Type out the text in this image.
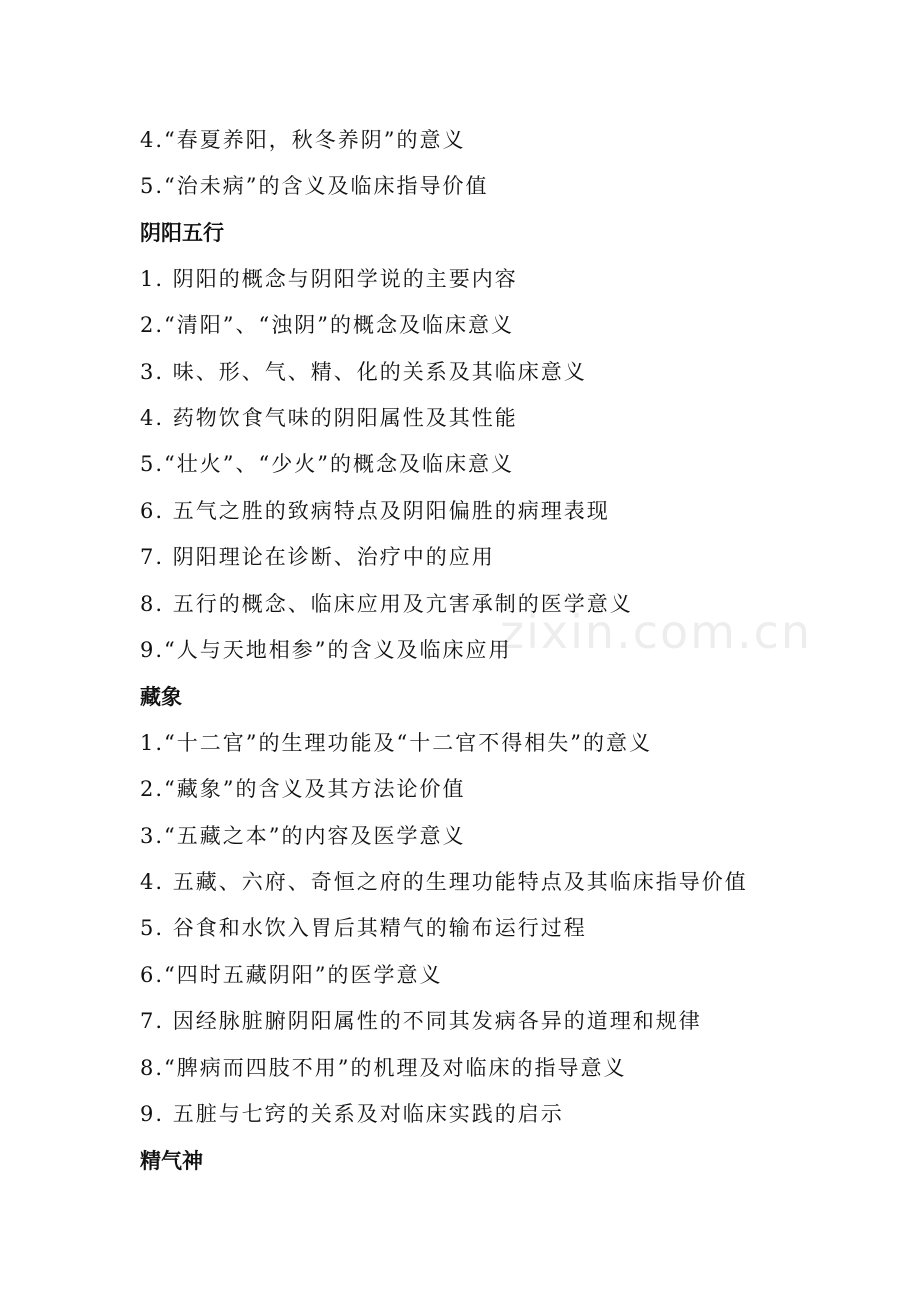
zixin.com.cn
4.“春夏养阳，秋冬养阴”的意义
5.“治未病”的含义及临床指导价值
阴阳五行
1. 阴阳的概念与阴阳学说的主要内容
2.“清阳”、“浊阴”的概念及临床意义
3. 味、形、气、精、化的关系及其临床意义
4. 药物饮食气味的阴阳属性及其性能
5.“壮火”、“少火”的概念及临床意义
6. 五气之胜的致病特点及阴阳偏胜的病理表现
7. 阴阳理论在诊断、治疗中的应用
8. 五行的概念、临床应用及亢害承制的医学意义
9.“人与天地相参”的含义及临床应用
藏象
1.“十二官”的生理功能及“十二官不得相失”的意义
2.“藏象”的含义及其方法论价值
3.“五藏之本”的内容及医学意义
4. 五藏、六府、奇恒之府的生理功能特点及其临床指导价值
5. 谷食和水饮入胃后其精气的输布运行过程
6.“四时五藏阴阳”的医学意义
7. 因经脉脏腑阴阳属性的不同其发病各异的道理和规律
8.“脾病而四肢不用”的机理及对临床的指导意义
9. 五脏与七窍的关系及对临床实践的启示
精气神
